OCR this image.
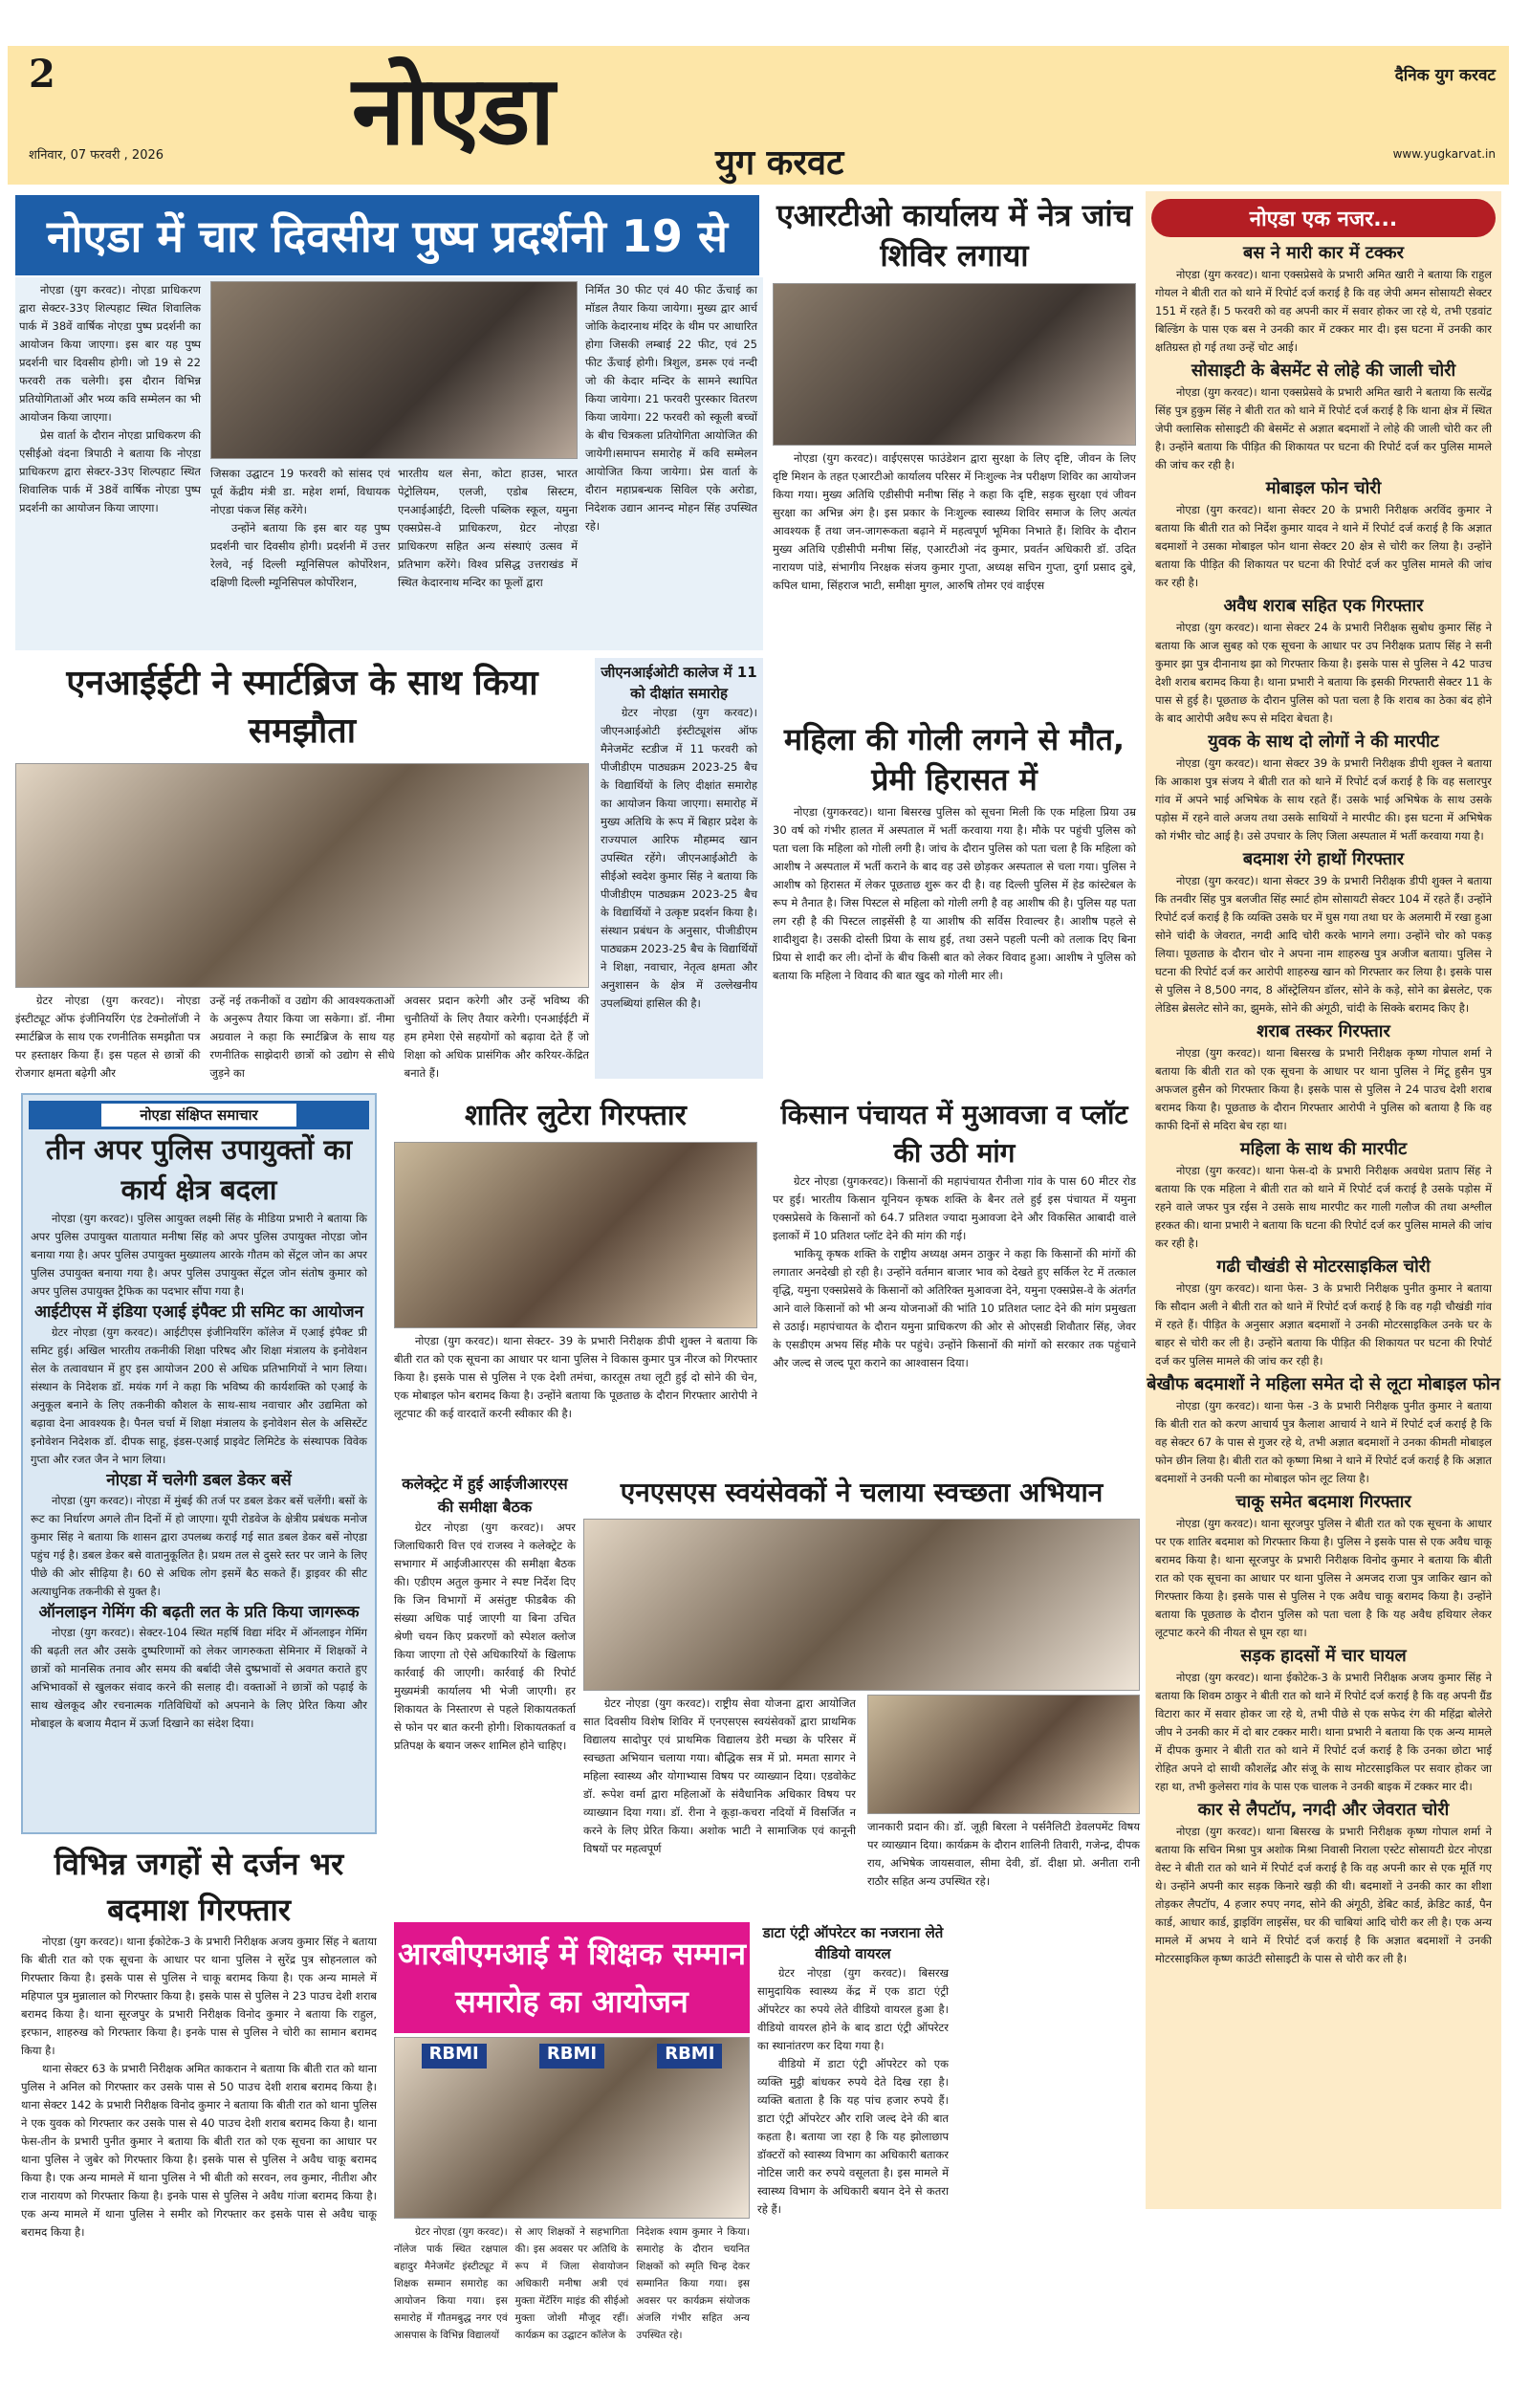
2	नोएडा	युग करवट
शनिवार, 07 फरवरी , 2026
दैनिक युग करवट
www.yugkarvat.in
नोएडा में चार दिवसीय पुष्प प्रदर्शनी 19 से

नोएडा (युग करवट)। नोएडा प्राधिकरण द्वारा सेक्टर-33ए शिल्पहाट स्थित शिवालिक पार्क में 38वें वार्षिक नोएडा पुष्प प्रदर्शनी का आयोजन किया जाएगा। इस बार यह पुष्प प्रदर्शनी चार दिवसीय होगी। जो 19 से 22 फरवरी तक चलेगी। इस दौरान विभिन्न प्रतियोगिताओं और भव्य कवि सम्मेलन का भी आयोजन किया जाएगा।

प्रेस वार्ता के दौरान नोएडा प्राधिकरण की एसीईओ वंदना त्रिपाठी ने बताया कि नोएडा प्राधिकरण द्वारा सेक्टर-33ए शिल्पहाट स्थित शिवालिक पार्क में 38वें वार्षिक नोएडा पुष्प प्रदर्शनी का आयोजन किया जाएगा।

जिसका उद्घाटन 19 फरवरी को सांसद एवं पूर्व केंद्रीय मंत्री डा. महेश शर्मा, विधायक नोएडा पंकज सिंह करेंगे।

उन्होंने बताया कि इस बार यह पुष्प प्रदर्शनी चार दिवसीय होगी। प्रदर्शनी में उत्तर रेलवे, नई दिल्ली म्यूनिसिपल कोर्पोरेशन, दक्षिणी दिल्ली म्यूनिसिपल कोर्पोरेशन,

भारतीय थल सेना, कोटा हाउस, भारत पेट्रोलियम, एलजी, एडोब सिस्टम, एनआईआईटी, दिल्ली पब्लिक स्कूल, यमुना एक्सप्रेस-वे प्राधिकरण, ग्रेटर नोएडा प्राधिकरण सहित अन्य संस्थाएं उत्सव में प्रतिभाग करेंगे। विश्व प्रसिद्ध उत्तराखंड में स्थित केदारनाथ मन्दिर का फूलों द्वारा

निर्मित 30 फीट एवं 40 फीट ऊँचाई का मॉडल तैयार किया जायेगा। मुख्य द्वार आर्च जोकि केदारनाथ मंदिर के थीम पर आधारित होगा जिसकी लम्बाई 22 फीट, एवं 25 फीट ऊँचाई होगी। त्रिशुल, डमरू एवं नन्दी जो की केदार मन्दिर के सामने स्थापित किया जायेगा। 21 फरवरी पुरस्कार वितरण किया जायेगा। 22 फरवरी को स्कूली बच्चों के बीच चित्रकला प्रतियोगिता आयोजित की जायेगी।समापन समारोह में कवि सम्मेलन आयोजित किया जायेगा। प्रेस वार्ता के दौरान महाप्रबन्धक सिविल एके अरोडा, निदेशक उद्यान आनन्द मोहन सिंह उपस्थित रहे।

एआरटीओ कार्यालय में नेत्र जांच शिविर लगाया

नोएडा (युग करवट)। वाईएसएस फाउंडेशन द्वारा सुरक्षा के लिए दृष्टि, जीवन के लिए दृष्टि मिशन के तहत एआरटीओ कार्यालय परिसर में निःशुल्क नेत्र परीक्षण शिविर का आयोजन किया गया। मुख्य अतिथि एडीसीपी मनीषा सिंह ने कहा कि दृष्टि, सड़क सुरक्षा एवं जीवन सुरक्षा का अभिन्न अंग है। इस प्रकार के निःशुल्क स्वास्थ्य शिविर समाज के लिए अत्यंत आवश्यक हैं तथा जन-जागरूकता बढ़ाने में महत्वपूर्ण भूमिका निभाते हैं। शिविर के दौरान मुख्य अतिथि एडीसीपी मनीषा सिंह, एआरटीओ नंद कुमार, प्रवर्तन अधिकारी डॉ. उदित नारायण पांडे, संभागीय निरक्षक संजय कुमार गुप्ता, अध्यक्ष सचिन गुप्ता, दुर्गा प्रसाद दुबे, कपिल धामा, सिंहराज भाटी, समीक्षा मुगल, आरुषि तोमर एवं वाईएस

एनआईईटी ने स्मार्टब्रिज के साथ किया समझौता

ग्रेटर नोएडा (युग करवट)। नोएडा इंस्टीट्यूट ऑफ इंजीनियरिंग एंड टेक्नोलॉजी ने स्मार्टब्रिज के साथ एक रणनीतिक समझौता पत्र पर हस्ताक्षर किया हैं। इस पहल से छात्रों की रोजगार क्षमता बढ़ेगी और

उन्हें नई तकनीकों व उद्योग की आवश्यकताओं के अनुरूप तैयार किया जा सकेगा। डॉ. नीमा अग्रवाल ने कहा कि स्मार्टब्रिज के साथ यह रणनीतिक साझेदारी छात्रों को उद्योग से सीधे जुड़ने का

अवसर प्रदान करेगी और उन्हें भविष्य की चुनौतियों के लिए तैयार करेगी। एनआईईटी में हम हमेशा ऐसे सहयोगों को बढ़ावा देते हैं जो शिक्षा को अधिक प्रासंगिक और करियर-केंद्रित बनाते हैं।

जीएनआईओटी कालेज में 11 को दीक्षांत समारोह

ग्रेटर नोएडा (युग करवट)। जीएनआईओटी इंस्टीट्यूशंस ऑफ मैनेजमेंट स्टडीज में 11 फरवरी को पीजीडीएम पाठ्यक्रम 2023-25 बैच के विद्यार्थियों के लिए दीक्षांत समारोह का आयोजन किया जाएगा। समारोह में मुख्य अतिथि के रूप में बिहार प्रदेश के राज्यपाल आरिफ मौहम्मद खान उपस्थित रहेंगे। जीएनआईओटी के सीईओ स्वदेश कुमार सिंह ने बताया कि पीजीडीएम पाठ्यक्रम 2023-25 बैच के विद्यार्थियों ने उत्कृष्ट प्रदर्शन किया है। संस्थान प्रबंधन के अनुसार, पीजीडीएम पाठ्यक्रम 2023-25 बैच के विद्यार्थियों ने शिक्षा, नवाचार, नेतृत्व क्षमता और अनुशासन के क्षेत्र में उल्लेखनीय उपलब्धियां हासिल की है।

महिला की गोली लगने से मौत, प्रेमी हिरासत में

नोएडा (युगकरवट)। थाना बिसरख पुलिस को सूचना मिली कि एक महिला प्रिया उम्र 30 वर्ष को गंभीर हालत में अस्पताल में भर्ती करवाया गया है। मौके पर पहुंची पुलिस को पता चला कि महिला को गोली लगी है। जांच के दौरान पुलिस को पता चला है कि महिला को आशीष ने अस्पताल में भर्ती कराने के बाद वह उसे छोड़कर अस्पताल से चला गया। पुलिस ने आशीष को हिरासत में लेकर पूछताछ शुरू कर दी है। वह दिल्ली पुलिस में हेड कांस्टेबल के रूप मे तैनात है। जिस पिस्टल से महिला को गोली लगी है वह आशीष की है। पुलिस यह पता लग रही है की पिस्टल लाइसेंसी है या आशीष की सर्विस रिवाल्वर है। आशीष पहले से शादीशुदा है। उसकी दोस्ती प्रिया के साथ हुई, तथा उसने पहली पत्नी को तलाक दिए बिना प्रिया से शादी कर ली। दोनों के बीच किसी बात को लेकर विवाद हुआ। आशीष ने पुलिस को बताया कि महिला ने विवाद की बात खुद को गोली मार ली।

नोएडा एक नजर...
बस ने मारी कार में टक्कर
नोएडा (युग करवट)। थाना एक्सप्रेसवे के प्रभारी अमित खारी ने बताया कि राहुल गोयल ने बीती रात को थाने में रिपोर्ट दर्ज कराई है कि वह जेपी अमन सोसायटी सेक्टर 151 में रहते हैं। 5 फरवरी को वह अपनी कार में सवार होकर जा रहे थे, तभी एडवांट बिल्डिंग के पास एक बस ने उनकी कार में टक्कर मार दी। इस घटना में उनकी कार क्षतिग्रस्त हो गई तथा उन्हें चोट आई।
सोसाइटी के बेसमेंट से लोहे की जाली चोरी
नोएडा (युग करवट)। थाना एक्सप्रेसवे के प्रभारी अमित खारी ने बताया कि सत्येंद्र सिंह पुत्र हुकुम सिंह ने बीती रात को थाने में रिपोर्ट दर्ज कराई है कि थाना क्षेत्र में स्थित जेपी क्लासिक सोसाइटी की बेसमेंट से अज्ञात बदमाशों ने लोहे की जाली चोरी कर ली है। उन्होंने बताया कि पीड़ित की शिकायत पर घटना की रिपोर्ट दर्ज कर पुलिस मामले की जांच कर रही है।
मोबाइल फोन चोरी
नोएडा (युग करवट)। थाना सेक्टर 20 के प्रभारी निरीक्षक अरविंद कुमार ने बताया कि बीती रात को निर्देश कुमार यादव ने थाने में रिपोर्ट दर्ज कराई है कि अज्ञात बदमाशों ने उसका मोबाइल फोन थाना सेक्टर 20 क्षेत्र से चोरी कर लिया है। उन्होंने बताया कि पीड़ित की शिकायत पर घटना की रिपोर्ट दर्ज कर पुलिस मामले की जांच कर रही है।
अवैध शराब सहित एक गिरफ्तार
नोएडा (युग करवट)। थाना सेक्टर 24 के प्रभारी निरीक्षक सुबोध कुमार सिंह ने बताया कि आज सुबह को एक सूचना के आधार पर उप निरीक्षक प्रताप सिंह ने सनी कुमार झा पुत्र दीनानाथ झा को गिरफ्तार किया है। इसके पास से पुलिस ने 42 पाउच देशी शराब बरामद किया है। थाना प्रभारी ने बताया कि इसकी गिरफ्तारी सेक्टर 11 के पास से हुई है। पूछताछ के दौरान पुलिस को पता चला है कि शराब का ठेका बंद होने के बाद आरोपी अवैध रूप से मदिरा बेचता है।
युवक के साथ दो लोगों ने की मारपीट
नोएडा (युग करवट)। थाना सेक्टर 39 के प्रभारी निरीक्षक डीपी शुक्ल ने बताया कि आकाश पुत्र संजय ने बीती रात को थाने में रिपोर्ट दर्ज कराई है कि वह सलारपुर गांव में अपने भाई अभिषेक के साथ रहते हैं। उसके भाई अभिषेक के साथ उसके पड़ोस में रहने वाले अजय तथा उसके साथियों ने मारपीट की। इस घटना में अभिषेक को गंभीर चोट आई है। उसे उपचार के लिए जिला अस्पताल में भर्ती करवाया गया है।
बदमाश रंगे हाथों गिरफ्तार
नोएडा (युग करवट)। थाना सेक्टर 39 के प्रभारी निरीक्षक डीपी शुक्ल ने बताया कि तनवीर सिंह पुत्र बलजीत सिंह स्मार्ट होम सोसायटी सेक्टर 104 में रहते हैं। उन्होंने रिपोर्ट दर्ज कराई है कि व्यक्ति उसके घर में घुस गया तथा घर के अलमारी में रखा हुआ सोने चांदी के जेवरात, नगदी आदि चोरी करके भागने लगा। उन्होंने चोर को पकड़ लिया। पूछताछ के दौरान चोर ने अपना नाम शाहरुख पुत्र अजीज बताया। पुलिस ने घटना की रिपोर्ट दर्ज कर आरोपी शाहरुख खान को गिरफ्तार कर लिया है। इसके पास से पुलिस ने 8,500 नगद, 8 ऑस्ट्रेलियन डॉलर, सोने के कड़े, सोने का ब्रेसलेट, एक लेडिस ब्रेसलेट सोने का, झुमके, सोने की अंगूठी, चांदी के सिक्के बरामद किए है।
शराब तस्कर गिरफ्तार
नोएडा (युग करवट)। थाना बिसरख के प्रभारी निरीक्षक कृष्ण गोपाल शर्मा ने बताया कि बीती रात को एक सूचना के आधार पर थाना पुलिस ने मिंटू हुसैन पुत्र अफजल हुसैन को गिरफ्तार किया है। इसके पास से पुलिस ने 24 पाउच देशी शराब बरामद किया है। पूछताछ के दौरान गिरफ्तार आरोपी ने पुलिस को बताया है कि वह काफी दिनों से मदिरा बेच रहा था।
महिला के साथ की मारपीट
नोएडा (युग करवट)। थाना फेस-दो के प्रभारी निरीक्षक अवधेश प्रताप सिंह ने बताया कि एक महिला ने बीती रात को थाने में रिपोर्ट दर्ज कराई है उसके पड़ोस में रहने वाले जफर पुत्र रईस ने उसके साथ मारपीट कर गाली गलौज की तथा अश्लील हरकत की। थाना प्रभारी ने बताया कि घटना की रिपोर्ट दर्ज कर पुलिस मामले की जांच कर रही है।
गढी चौखंडी से मोटरसाइकिल चोरी
नोएडा (युग करवट)। थाना फेस- 3 के प्रभारी निरीक्षक पुनीत कुमार ने बताया कि सौदान अली ने बीती रात को थाने में रिपोर्ट दर्ज कराई है कि वह गढ़ी चौखंडी गांव में रहते हैं। पीड़ित के अनुसार अज्ञात बदमाशों ने उनकी मोटरसाइकिल उनके घर के बाहर से चोरी कर ली है। उन्होंने बताया कि पीड़ित की शिकायत पर घटना की रिपोर्ट दर्ज कर पुलिस मामले की जांच कर रही है।
बेखौफ बदमाशों ने महिला समेत दो से लूटा मोबाइल फोन
नोएडा (युग करवट)। थाना फेस -3 के प्रभारी निरीक्षक पुनीत कुमार ने बताया कि बीती रात को करण आचार्य पुत्र कैलाश आचार्य ने थाने में रिपोर्ट दर्ज कराई है कि वह सेक्टर 67 के पास से गुजर रहे थे, तभी अज्ञात बदमाशों ने उनका कीमती मोबाइल फोन छीन लिया है। बीती रात को कृष्णा मिश्रा ने थाने में रिपोर्ट दर्ज कराई है कि अज्ञात बदमाशों ने उनकी पत्नी का मोबाइल फोन लूट लिया है।
चाकू समेत बदमाश गिरफ्तार
नोएडा (युग करवट)। थाना सूरजपुर पुलिस ने बीती रात को एक सूचना के आधार पर एक शातिर बदमाश को गिरफ्तार किया है। पुलिस ने इसके पास से एक अवैध चाकू बरामद किया है। थाना सूरजपुर के प्रभारी निरीक्षक विनोद कुमार ने बताया कि बीती रात को एक सूचना का आधार पर थाना पुलिस ने अमजद राजा पुत्र जाकिर खान को गिरफ्तार किया है। इसके पास से पुलिस ने एक अवैध चाकू बरामद किया है। उन्होंने बताया कि पूछताछ के दौरान पुलिस को पता चला है कि यह अवैध हथियार लेकर लूटपाट करने की नीयत से घूम रहा था।
सड़क हादसों में चार घायल
नोएडा (युग करवट)। थाना ईकोटेक-3 के प्रभारी निरीक्षक अजय कुमार सिंह ने बताया कि शिवम ठाकुर ने बीती रात को थाने में रिपोर्ट दर्ज कराई है कि वह अपनी ग्रैंड विटारा कार में सवार होकर जा रहे थे, तभी पीछे से एक सफेद रंग की महिंद्रा बोलेरो जीप ने उनकी कार में दो बार टक्कर मारी। थाना प्रभारी ने बताया कि एक अन्य मामले में दीपक कुमार ने बीती रात को थाने में रिपोर्ट दर्ज कराई है कि उनका छोटा भाई रोहित अपने दो साथी कौशलेंद्र और संजू के साथ मोटरसाइकिल पर सवार होकर जा रहा था, तभी कुलेसरा गांव के पास एक चालक ने उनकी बाइक में टक्कर मार दी।
कार से लैपटॉप, नगदी और जेवरात चोरी
नोएडा (युग करवट)। थाना बिसरख के प्रभारी निरीक्षक कृष्ण गोपाल शर्मा ने बताया कि सचिन मिश्रा पुत्र अशोक मिश्रा निवासी निराला एस्टेट सोसायटी ग्रेटर नोएडा वेस्ट ने बीती रात को थाने में रिपोर्ट दर्ज कराई है कि वह अपनी कार से एक मूर्ति गए थे। उन्होंने अपनी कार सड़क किनारे खड़ी की थी। बदमाशों ने उनकी कार का शीशा तोड़कर लैपटॉप, 4 हजार रुपए नगद, सोने की अंगूठी, डेबिट कार्ड, क्रेडिट कार्ड, पैन कार्ड, आधार कार्ड, ड्राइविंग लाइसेंस, घर की चाबियां आदि चोरी कर ली है। एक अन्य मामले में अभय ने थाने में रिपोर्ट दर्ज कराई है कि अज्ञात बदमाशों ने उनकी मोटरसाइकिल कृष्ण काउंटी सोसाइटी के पास से चोरी कर ली है।
नोएडा संक्षिप्त समाचार
तीन अपर पुलिस उपायुक्तों का कार्य क्षेत्र बदला

नोएडा (युग करवट)। पुलिस आयुक्त लक्ष्मी सिंह के मीडिया प्रभारी ने बताया कि अपर पुलिस उपायुक्त यातायात मनीषा सिंह को अपर पुलिस उपायुक्त नोएडा जोन बनाया गया है। अपर पुलिस उपायुक्त मुख्यालय आरके गौतम को सेंट्रल जोन का अपर पुलिस उपायुक्त बनाया गया है। अपर पुलिस उपायुक्त सेंट्रल जोन संतोष कुमार को अपर पुलिस उपायुक्त ट्रैफिक का पदभार सौंपा गया है।

आईटीएस में इंडिया एआई इंपैक्ट प्री समिट का आयोजन

ग्रेटर नोएडा (युग करवट)। आईटीएस इंजीनियरिंग कॉलेज में एआई इंपैक्ट प्री समिट हुई। अखिल भारतीय तकनीकी शिक्षा परिषद और शिक्षा मंत्रालय के इनोवेशन सेल के तत्वावधान में हुए इस आयोजन 200 से अधिक प्रतिभागियों ने भाग लिया। संस्थान के निदेशक डॉ. मयंक गर्ग ने कहा कि भविष्य की कार्यशक्ति को एआई के अनुकूल बनाने के लिए तकनीकी कौशल के साथ-साथ नवाचार और उद्यमिता को बढ़ावा देना आवश्यक है। पैनल चर्चा में शिक्षा मंत्रालय के इनोवेशन सेल के असिस्टेंट इनोवेशन निदेशक डॉ. दीपक साहू, इंडस-एआई प्राइवेट लिमिटेड के संस्थापक विवेक गुप्ता और रजत जैन ने भाग लिया।

नोएडा में चलेगी डबल डेकर बसें

नोएडा (युग करवट)। नोएडा में मुंबई की तर्ज पर डबल डेकर बसें चलेंगी। बसों के रूट का निर्धारण अगले तीन दिनों में हो जाएगा। यूपी रोडवेज के क्षेत्रीय प्रबंधक मनोज कुमार सिंह ने बताया कि शासन द्वारा उपलब्ध कराई गई सात डबल डेकर बसें नोएडा पहुंच गई है। डबल डेकर बसे वातानुकूलित है। प्रथम तल से दुसरे स्तर पर जाने के लिए पीछे की ओर सीढ़िया है। 60 से अधिक लोग इसमें बैठ सकते हैं। ड्राइवर की सीट अत्याधुनिक तकनीकी से युक्त है।

ऑनलाइन गेमिंग की बढ़ती लत के प्रति किया जागरूक

नोएडा (युग करवट)। सेक्टर-104 स्थित महर्षि विद्या मंदिर में ऑनलाइन गेमिंग की बढ़ती लत और उसके दुष्परिणामों को लेकर जागरुकता सेमिनार में शिक्षकों ने छात्रों को मानसिक तनाव और समय की बर्बादी जैसे दुष्प्रभावों से अवगत कराते हुए अभिभावकों से खुलकर संवाद करने की सलाह दी। वक्ताओं ने छात्रों को पढ़ाई के साथ खेलकूद और रचनात्मक गतिविधियों को अपनाने के लिए प्रेरित किया और मोबाइल के बजाय मैदान में ऊर्जा दिखाने का संदेश दिया।

विभिन्न जगहों से दर्जन भर बदमाश गिरफ्तार

नोएडा (युग करवट)। थाना ईकोटेक-3 के प्रभारी निरीक्षक अजय कुमार सिंह ने बताया कि बीती रात को एक सूचना के आधार पर थाना पुलिस ने सुरेंद्र पुत्र सोहनलाल को गिरफ्तार किया है। इसके पास से पुलिस ने चाकू बरामद किया है। एक अन्य मामले में महिपाल पुत्र मुन्नालाल को गिरफ्तार किया है। इसके पास से पुलिस ने 23 पाउच देशी शराब बरामद किया है। थाना सूरजपुर के प्रभारी निरीक्षक विनोद कुमार ने बताया कि राहुल, इरफान, शाहरुख को गिरफ्तार किया है। इनके पास से पुलिस ने चोरी का सामान बरामद किया है।

थाना सेक्टर 63 के प्रभारी निरीक्षक अमित काकरान ने बताया कि बीती रात को थाना पुलिस ने अनिल को गिरफ्तार कर उसके पास से 50 पाउच देशी शराब बरामद किया है। थाना सेक्टर 142 के प्रभारी निरीक्षक विनोद कुमार ने बताया कि बीती रात को थाना पुलिस ने एक युवक को गिरफ्तार कर उसके पास से 40 पाउच देशी शराब बरामद किया है। थाना फेस-तीन के प्रभारी पुनीत कुमार ने बताया कि बीती रात को एक सूचना का आधार पर थाना पुलिस ने जुबेर को गिरफ्तार किया है। इसके पास से पुलिस ने अवैध चाकू बरामद किया है। एक अन्य मामले में थाना पुलिस ने भी बीती को सरवन, लव कुमार, नीतीश और राज नारायण को गिरफ्तार किया है। इनके पास से पुलिस ने अवैध गांजा बरामद किया है। एक अन्य मामले में थाना पुलिस ने समीर को गिरफ्तार कर इसके पास से अवैध चाकू बरामद किया है।

शातिर लुटेरा गिरफ्तार

नोएडा (युग करवट)। थाना सेक्टर- 39 के प्रभारी निरीक्षक डीपी शुक्ल ने बताया कि बीती रात को एक सूचना का आधार पर थाना पुलिस ने विकास कुमार पुत्र नीरज को गिरफ्तार किया है। इसके पास से पुलिस ने एक देशी तमंचा, कारतूस तथा लूटी हुई दो सोने की चेन, एक मोबाइल फोन बरामद किया है। उन्होंने बताया कि पूछताछ के दौरान गिरफ्तार आरोपी ने लूटपाट की कई वारदातें करनी स्वीकार की है।

किसान पंचायत में मुआवजा व प्लॉट की उठी मांग

ग्रेटर नोएडा (युगकरवट)। किसानों की महापंचायत रौनीजा गांव के पास 60 मीटर रोड पर हुई। भारतीय किसान यूनियन कृषक शक्ति के बैनर तले हुई इस पंचायत में यमुना एक्सप्रेसवे के किसानों को 64.7 प्रतिशत ज्यादा मुआवजा देने और विकसित आबादी वाले इलाकों में 10 प्रतिशत प्लॉट देने की मांग की गई।

भाकियू कृषक शक्ति के राष्ट्रीय अध्यक्ष अमन ठाकुर ने कहा कि किसानों की मांगों की लगातार अनदेखी हो रही है। उन्होंने वर्तमान बाजार भाव को देखते हुए सर्किल रेट में तत्काल वृद्धि, यमुना एक्सप्रेसवे के किसानों को अतिरिक्त मुआवजा देने, यमुना एक्सप्रेस-वे के अंतर्गत आने वाले किसानों को भी अन्य योजनाओं की भांति 10 प्रतिशत प्लाट देने की मांग प्रमुखता से उठाई। महापंचायत के दौरान यमुना प्राधिकरण की ओर से ओएसडी शिवौतार सिंह, जेवर के एसडीएम अभय सिंह मौके पर पहुंचे। उन्होंने किसानों की मांगों को सरकार तक पहुंचाने और जल्द से जल्द पूरा कराने का आश्वासन दिया।

कलेक्ट्रेट में हुई आईजीआरएस की समीक्षा बैठक

ग्रेटर नोएडा (युग करवट)। अपर जिलाधिकारी वित्त एवं राजस्व ने कलेक्ट्रेट के सभागार में आईजीआरएस की समीक्षा बैठक की। एडीएम अतुल कुमार ने स्पष्ट निर्देश दिए कि जिन विभागों में असंतुष्ट फीडबैक की संख्या अधिक पाई जाएगी या बिना उचित श्रेणी चयन किए प्रकरणों को स्पेशल क्लोज किया जाएगा तो ऐसे अधिकारियों के खिलाफ कार्रवाई की जाएगी। कार्रवाई की रिपोर्ट मुख्यमंत्री कार्यालय भी भेजी जाएगी। हर शिकायत के निस्तारण से पहले शिकायतकर्ता से फोन पर बात करनी होगी। शिकायतकर्ता व प्रतिपक्ष के बयान जरूर शामिल होने चाहिए।

एनएसएस स्वयंसेवकों ने चलाया स्वच्छता अभियान

ग्रेटर नोएडा (युग करवट)। राष्ट्रीय सेवा योजना द्वारा आयोजित सात दिवसीय विशेष शिविर में एनएसएस स्वयंसेवकों द्वारा प्राथमिक विद्यालय सादोपुर एवं प्राथमिक विद्यालय डेरी मच्छा के परिसर में स्वच्छता अभियान चलाया गया। बौद्धिक सत्र में प्रो. ममता सागर ने महिला स्वास्थ्य और योगाभ्यास विषय पर व्याख्यान दिया। एडवोकेट डॉ. रूपेश वर्मा द्वारा महिलाओं के संवैधानिक अधिकार विषय पर व्याख्यान दिया गया। डॉ. रीना ने कूड़ा-कचरा नदियों में विसर्जित न करने के लिए प्रेरित किया। अशोक भाटी ने सामाजिक एवं कानूनी विषयों पर महत्वपूर्ण

जानकारी प्रदान की। डॉ. जूही बिरला ने पर्सनैलिटी डेवलपमेंट विषय पर व्याख्यान दिया। कार्यक्रम के दौरान शालिनी तिवारी, गजेन्द्र, दीपक राय, अभिषेक जायसवाल, सीमा देवी, डॉ. दीक्षा प्रो. अनीता रानी राठौर सहित अन्य उपस्थित रहे।

आरबीएमआई में शिक्षक सम्मान समारोह का आयोजन
RBMI	RBMI	RBMI

ग्रेटर नोएडा (युग करवट)। नॉलेज पार्क स्थित रक्षपाल बहादुर मैनेजमेंट इंस्टीट्यूट में शिक्षक सम्मान समारोह का आयोजन किया गया। इस समारोह में गौतमबुद्ध नगर एवं आसपास के विभिन्न विद्यालयों

से आए शिक्षकों ने सहभागिता की। इस अवसर पर अतिथि के रूप में जिला सेवायोजन अधिकारी मनीषा अत्री एवं मुक्ता मेंटॅरिंग माइंड की सीईओ मुक्ता जोशी मौजूद रहीं। कार्यक्रम का उद्घाटन कॉलेज के

निदेशक श्याम कुमार ने किया। समारोह के दौरान चयनित शिक्षकों को स्मृति चिन्ह देकर सम्मानित किया गया। इस अवसर पर कार्यक्रम संयोजक अंजलि गंभीर सहित अन्य उपस्थित रहे।

डाटा एंट्री ऑपरेटर का नजराना लेते वीडियो वायरल

ग्रेटर नोएडा (युग करवट)। बिसरख सामुदायिक स्वास्थ्य केंद्र में एक डाटा एंट्री ऑपरेटर का रुपये लेते वीडियो वायरल हुआ है। वीडियो वायरल होने के बाद डाटा एंट्री ऑपरेटर का स्थानांतरण कर दिया गया है।

वीडियो में डाटा एंट्री ऑपरेटर को एक व्यक्ति मुट्ठी बांधकर रुपये देते दिख रहा है। व्यक्ति बताता है कि यह पांच हजार रुपये हैं। डाटा एंट्री ऑपरेटर और राशि जल्द देने की बात कहता है। बताया जा रहा है कि यह झोलाछाप डॉक्टरों को स्वास्थ्य विभाग का अधिकारी बताकर नोटिस जारी कर रुपये वसूलता है। इस मामले में स्वास्थ्य विभाग के अधिकारी बयान देने से कतरा रहे हैं।
